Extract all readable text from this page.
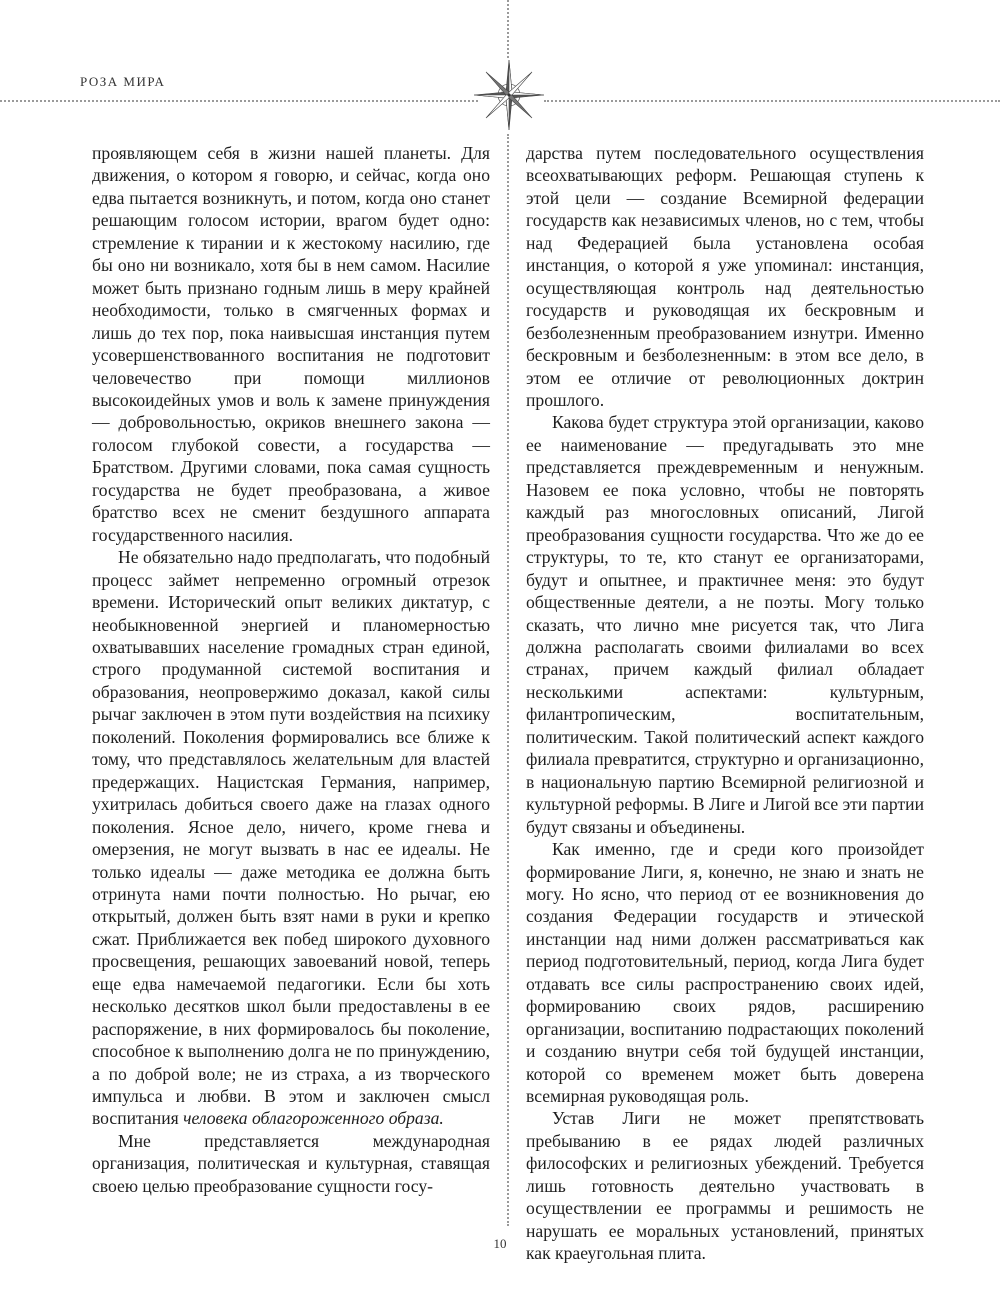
РОЗА МИРА

проявляющем себя в жизни нашей планеты. Для движения, о котором я говорю, и сейчас, когда оно едва пытается возникнуть, и потом, когда оно станет решающим голосом истории, врагом будет одно: стремление к тирании и к жестокому насилию, где бы оно ни возникало, хотя бы в нем самом. Насилие может быть признано годным лишь в меру крайней необходимости, только в смягченных формах и лишь до тех пор, пока наивысшая инстанция путем усовершенствованного воспитания не подготовит человечество при помощи миллионов высокоидейных умов и воль к замене принуждения — добровольностью, окриков внешнего закона — голосом глубокой совести, а государства — Братством. Другими словами, пока самая сущность государства не будет преобразована, а живое братство всех не сменит бездушного аппарата государственного насилия.

Не обязательно надо предполагать, что подобный процесс займет непременно огромный отрезок времени. Исторический опыт великих диктатур, с необыкновенной энергией и планомерностью охватывавших население громадных стран единой, строго продуманной системой воспитания и образования, неопровержимо доказал, какой силы рычаг заключен в этом пути воздействия на психику поколений. Поколения формировались все ближе к тому, что представлялось желательным для властей предержащих. Нацистская Германия, например, ухитрилась добиться своего даже на глазах одного поколения. Ясное дело, ничего, кроме гнева и омерзения, не могут вызвать в нас ее идеалы. Не только идеалы — даже методика ее должна быть отринута нами почти полностью. Но рычаг, ею открытый, должен быть взят нами в руки и крепко сжат. Приближается век побед широкого духовного просвещения, решающих завоеваний новой, теперь еще едва намечаемой педагогики. Если бы хоть несколько десятков школ были предоставлены в ее распоряжение, в них формировалось бы поколение, способное к выполнению долга не по принуждению, а по доброй воле; не из страха, а из творческого импульса и любви. В этом и заключен смысл воспитания человека облагороженного образа.

Мне представляется международная организация, политическая и культурная, ставящая своею целью преобразование сущности госу-

дарства путем последовательного осуществления всеохватывающих реформ. Решающая ступень к этой цели — создание Всемирной федерации государств как независимых членов, но с тем, чтобы над Федерацией была установлена особая инстанция, о которой я уже упоминал: инстанция, осуществляющая контроль над деятельностью государств и руководящая их бескровным и безболезненным преобразованием изнутри. Именно бескровным и безболезненным: в этом все дело, в этом ее отличие от революционных доктрин прошлого.

Какова будет структура этой организации, каково ее наименование — предугадывать это мне представляется преждевременным и ненужным. Назовем ее пока условно, чтобы не повторять каждый раз многословных описаний, Лигой преобразования сущности государства. Что же до ее структуры, то те, кто станут ее организаторами, будут и опытнее, и практичнее меня: это будут общественные деятели, а не поэты. Могу только сказать, что лично мне рисуется так, что Лига должна располагать своими филиалами во всех странах, причем каждый филиал обладает несколькими аспектами: культурным, филантропическим, воспитательным, политическим. Такой политический аспект каждого филиала превратится, структурно и организационно, в национальную партию Всемирной религиозной и культурной реформы. В Лиге и Лигой все эти партии будут связаны и объединены.

Как именно, где и среди кого произойдет формирование Лиги, я, конечно, не знаю и знать не могу. Но ясно, что период от ее возникновения до создания Федерации государств и этической инстанции над ними должен рассматриваться как период подготовительный, период, когда Лига будет отдавать все силы распространению своих идей, формированию своих рядов, расширению организации, воспитанию подрастающих поколений и созданию внутри себя той будущей инстанции, которой со временем может быть доверена всемирная руководящая роль.

Устав Лиги не может препятствовать пребыванию в ее рядах людей различных философских и религиозных убеждений. Требуется лишь готовность деятельно участвовать в осуществлении ее программы и решимость не нарушать ее моральных установлений, принятых как краеугольная плита.

10
